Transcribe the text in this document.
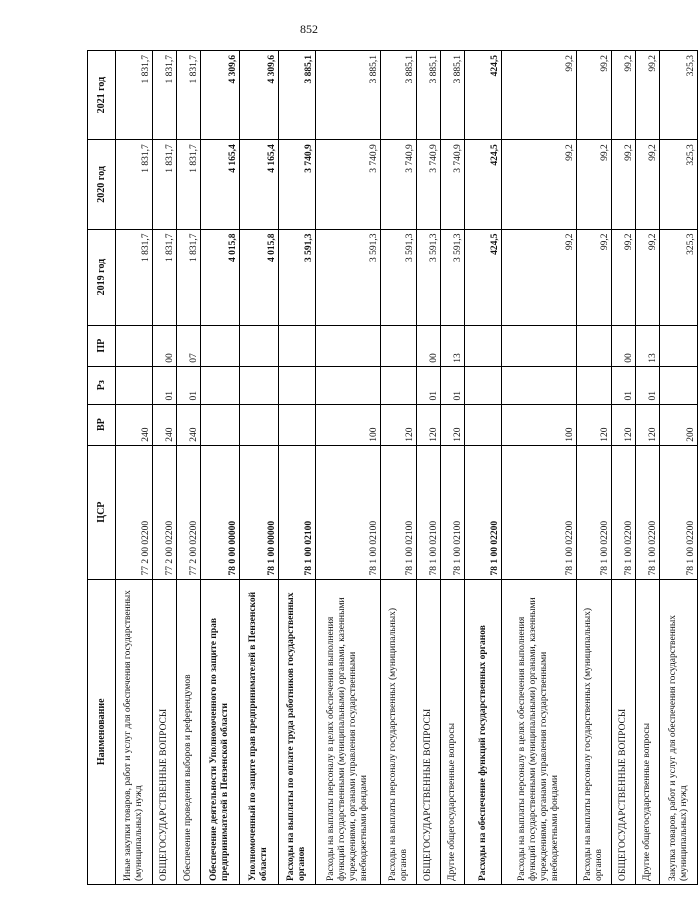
852
Наименование	ЦСР	ВР	Рз	ПР	2019 год	2020 год	2021 год
Иные закупки товаров, работ и услуг для обеспечения государственных (муниципальных) нужд	77 2 00 02200	240			1 831,7	1 831,7	1 831,7
ОБЩЕГОСУДАРСТВЕННЫЕ ВОПРОСЫ	77 2 00 02200	240	01	00	1 831,7	1 831,7	1 831,7
Обеспечение проведения выборов и референдумов	77 2 00 02200	240	01	07	1 831,7	1 831,7	1 831,7
Обеспечение деятельности Уполномоченного по защите прав предпринимателей в Пензенской области	78 0 00 00000				4 015,8	4 165,4	4 309,6
Уполномоченный по защите прав предпринимателей в Пензенской области	78 1 00 00000				4 015,8	4 165,4	4 309,6
Расходы на выплаты по оплате труда работников государственных органов	78 1 00 02100				3 591,3	3 740,9	3 885,1
Расходы на выплаты персоналу в целях обеспечения выполнения функций государственными (муниципальными) органами, казенными учреждениями, органами управления государственными внебюджетными фондами	78 1 00 02100	100			3 591,3	3 740,9	3 885,1
Расходы на выплаты персоналу государственных (муниципальных) органов	78 1 00 02100	120			3 591,3	3 740,9	3 885,1
ОБЩЕГОСУДАРСТВЕННЫЕ ВОПРОСЫ	78 1 00 02100	120	01	00	3 591,3	3 740,9	3 885,1
Другие общегосударственные вопросы	78 1 00 02100	120	01	13	3 591,3	3 740,9	3 885,1
Расходы на обеспечение функций государственных органов	78 1 00 02200				424,5	424,5	424,5
Расходы на выплаты персоналу в целях обеспечения выполнения функций государственными (муниципальными) органами, казенными учреждениями, органами управления государственными внебюджетными фондами	78 1 00 02200	100			99,2	99,2	99,2
Расходы на выплаты персоналу государственных (муниципальных) органов	78 1 00 02200	120			99,2	99,2	99,2
ОБЩЕГОСУДАРСТВЕННЫЕ ВОПРОСЫ	78 1 00 02200	120	01	00	99,2	99,2	99,2
Другие общегосударственные вопросы	78 1 00 02200	120	01	13	99,2	99,2	99,2
Закупка товаров, работ и услуг для обеспечения государственных (муниципальных) нужд	78 1 00 02200	200			325,3	325,3	325,3
